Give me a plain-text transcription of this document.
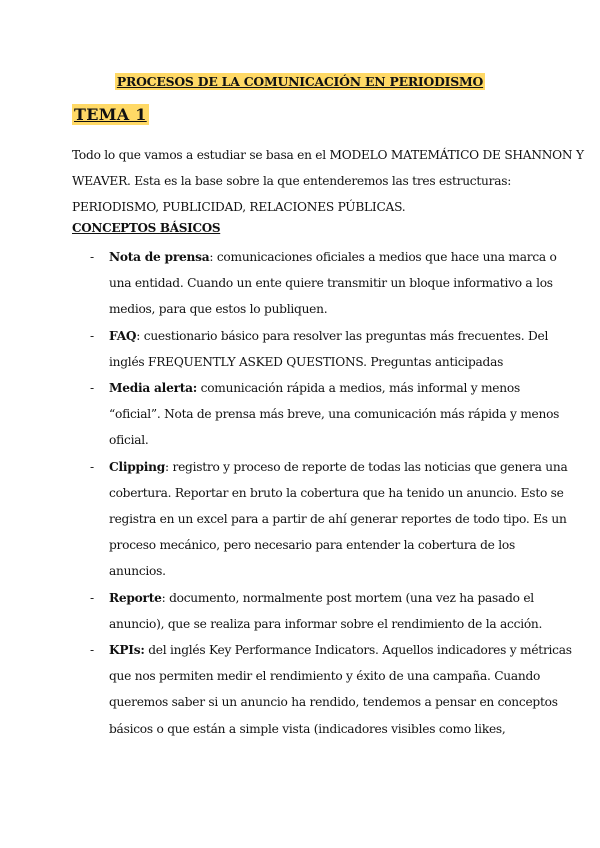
PROCESOS DE LA COMUNICACIÓN EN PERIODISMO
TEMA 1
Todo lo que vamos a estudiar se basa en el MODELO MATEMÁTICO DE SHANNON Y
WEAVER. Esta es la base sobre la que entenderemos las tres estructuras:
PERIODISMO, PUBLICIDAD, RELACIONES PÚBLICAS.
CONCEPTOS BÁSICOS
- Nota de prensa: comunicaciones oficiales a medios que hace una marca o
una entidad. Cuando un ente quiere transmitir un bloque informativo a los
medios, para que estos lo publiquen.
- FAQ: cuestionario básico para resolver las preguntas más frecuentes. Del
inglés FREQUENTLY ASKED QUESTIONS. Preguntas anticipadas
- Media alerta: comunicación rápida a medios, más informal y menos
“oficial”. Nota de prensa más breve, una comunicación más rápida y menos
oficial.
- Clipping: registro y proceso de reporte de todas las noticias que genera una
cobertura. Reportar en bruto la cobertura que ha tenido un anuncio. Esto se
registra en un excel para a partir de ahí generar reportes de todo tipo. Es un
proceso mecánico, pero necesario para entender la cobertura de los
anuncios.
- Reporte: documento, normalmente post mortem (una vez ha pasado el
anuncio), que se realiza para informar sobre el rendimiento de la acción.
- KPIs: del inglés Key Performance Indicators. Aquellos indicadores y métricas
que nos permiten medir el rendimiento y éxito de una campaña. Cuando
queremos saber si un anuncio ha rendido, tendemos a pensar en conceptos
básicos o que están a simple vista (indicadores visibles como likes,
